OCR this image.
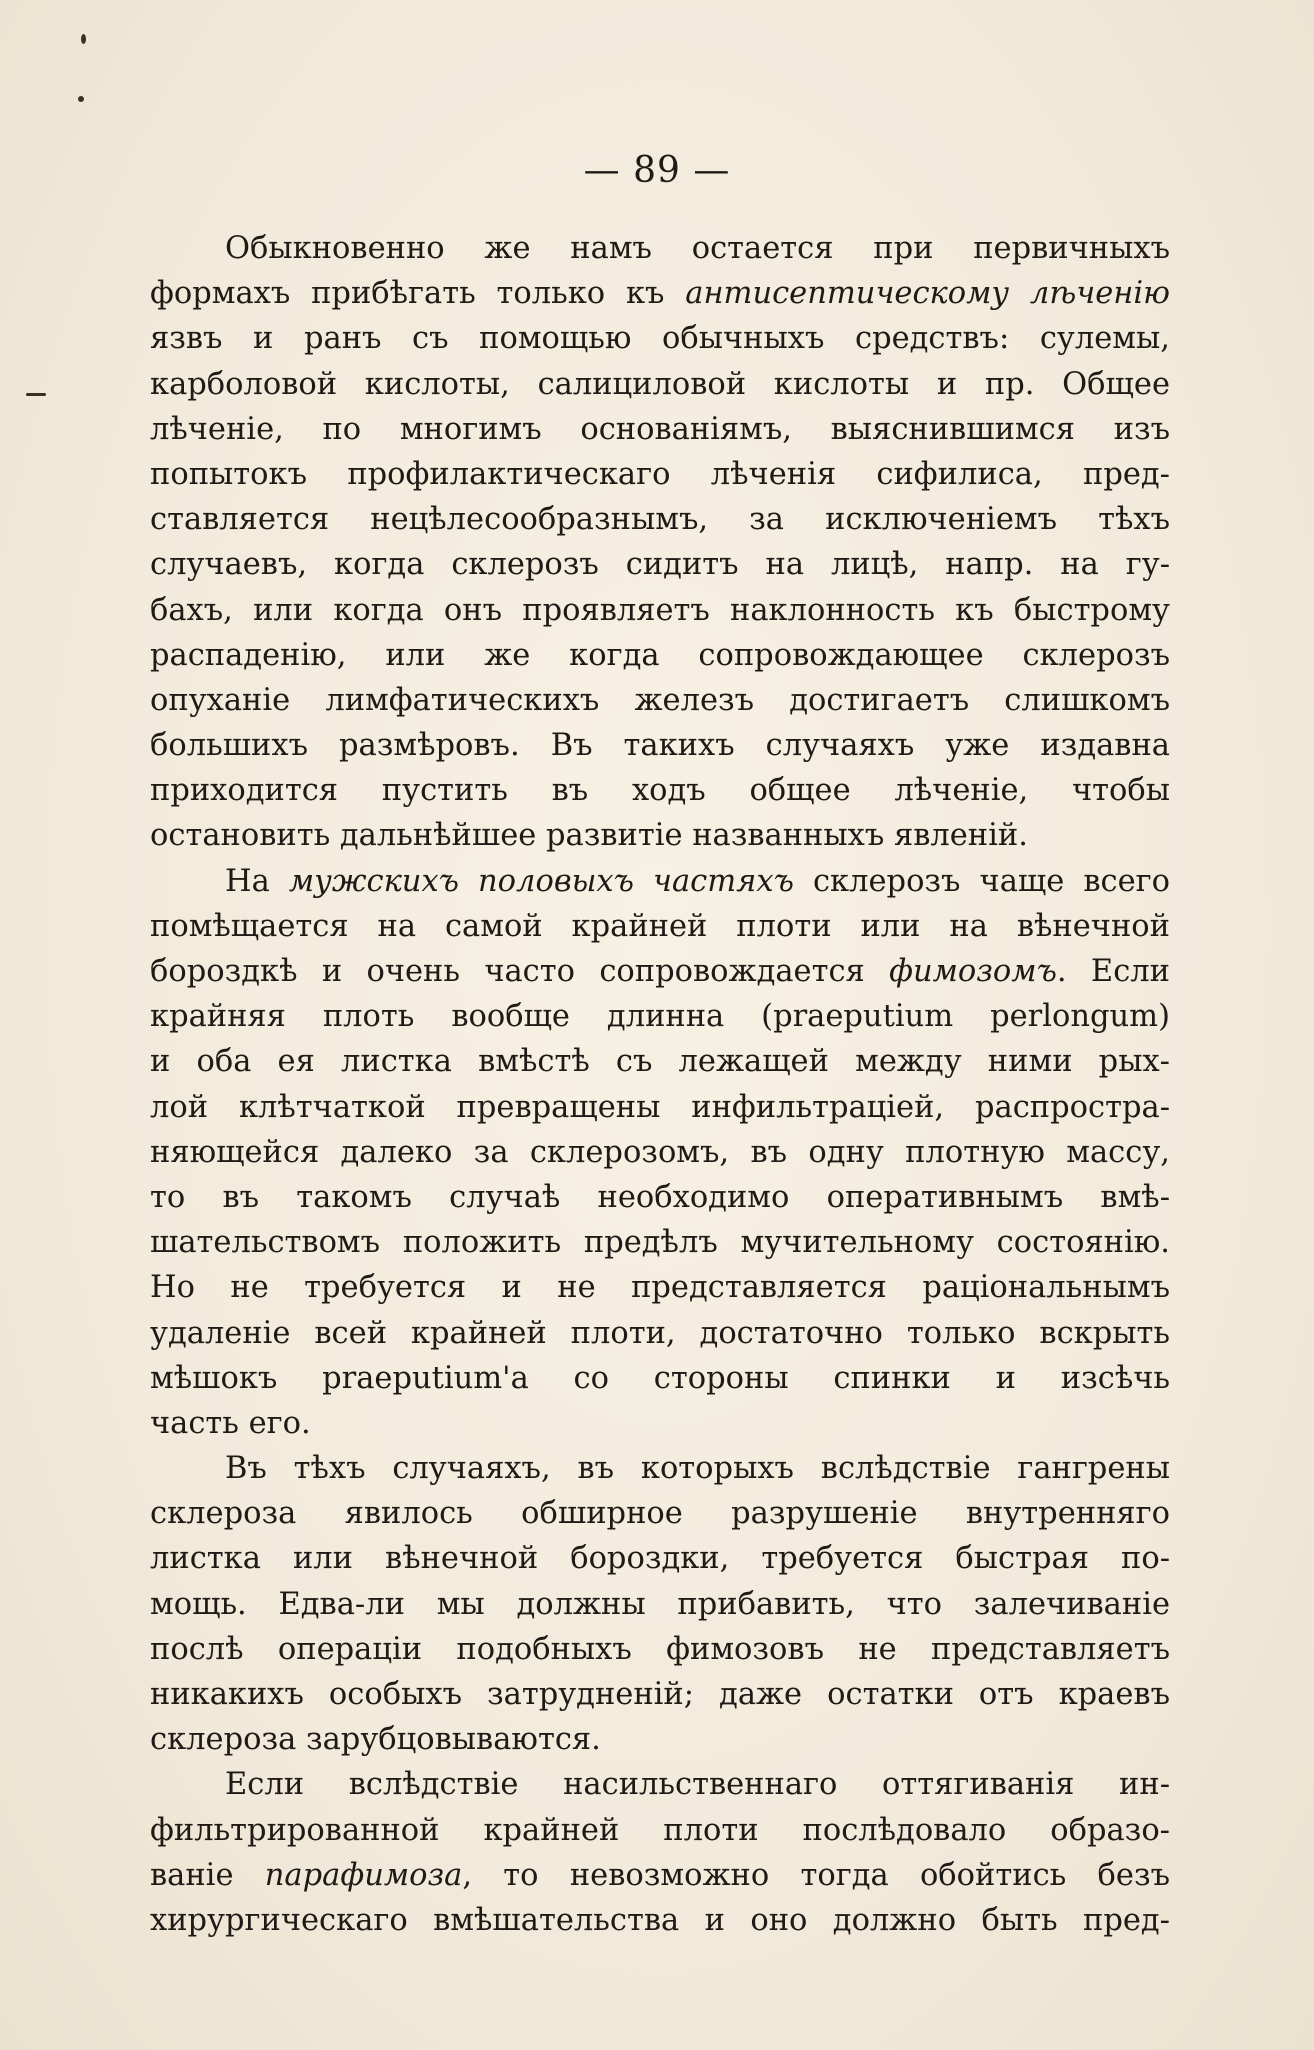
— 89 —
Обыкновенно же намъ остается при первичныхъ
формахъ прибѣгать только къ антисептическому лѣченію
язвъ и ранъ съ помощью обычныхъ средствъ: сулемы,
карболовой кислоты, салициловой кислоты и пр. Общее
лѣченіе, по многимъ основаніямъ, выяснившимся изъ
попытокъ профилактическаго лѣченія сифилиса, пред-
ставляется нецѣлесообразнымъ, за исключеніемъ тѣхъ
случаевъ, когда склерозъ сидитъ на лицѣ, напр. на гу-
бахъ, или когда онъ проявляетъ наклонность къ быстрому
распаденію, или же когда сопровождающее склерозъ
опуханіе лимфатическихъ железъ достигаетъ слишкомъ
большихъ размѣровъ. Въ такихъ случаяхъ уже издавна
приходится пустить въ ходъ общее лѣченіе, чтобы
остановить дальнѣйшее развитіе названныхъ явленій.
На мужскихъ половыхъ частяхъ склерозъ чаще всего
помѣщается на самой крайней плоти или на вѣнечной
бороздкѣ и очень часто сопровождается фимозомъ. Если
крайняя плоть вообще длинна (praeputium perlongum)
и оба ея листка вмѣстѣ съ лежащей между ними рых-
лой клѣтчаткой превращены инфильтраціей, распростра-
няющейся далеко за склерозомъ, въ одну плотную массу,
то въ такомъ случаѣ необходимо оперативнымъ вмѣ-
шательствомъ положить предѣлъ мучительному состоянію.
Но не требуется и не представляется раціональнымъ
удаленіе всей крайней плоти, достаточно только вскрыть
мѣшокъ praeputium'а со стороны спинки и изсѣчь
часть его.
Въ тѣхъ случаяхъ, въ которыхъ вслѣдствіе гангрены
склероза явилось обширное разрушеніе внутренняго
листка или вѣнечной бороздки, требуется быстрая по-
мощь. Едва-ли мы должны прибавить, что залечиваніе
послѣ операціи подобныхъ фимозовъ не представляетъ
никакихъ особыхъ затрудненій; даже остатки отъ краевъ
склероза зарубцовываются.
Если вслѣдствіе насильственнаго оттягиванія ин-
фильтрированной крайней плоти послѣдовало образо-
ваніе парафимоза, то невозможно тогда обойтись безъ
хирургическаго вмѣшательства и оно должно быть пред-
